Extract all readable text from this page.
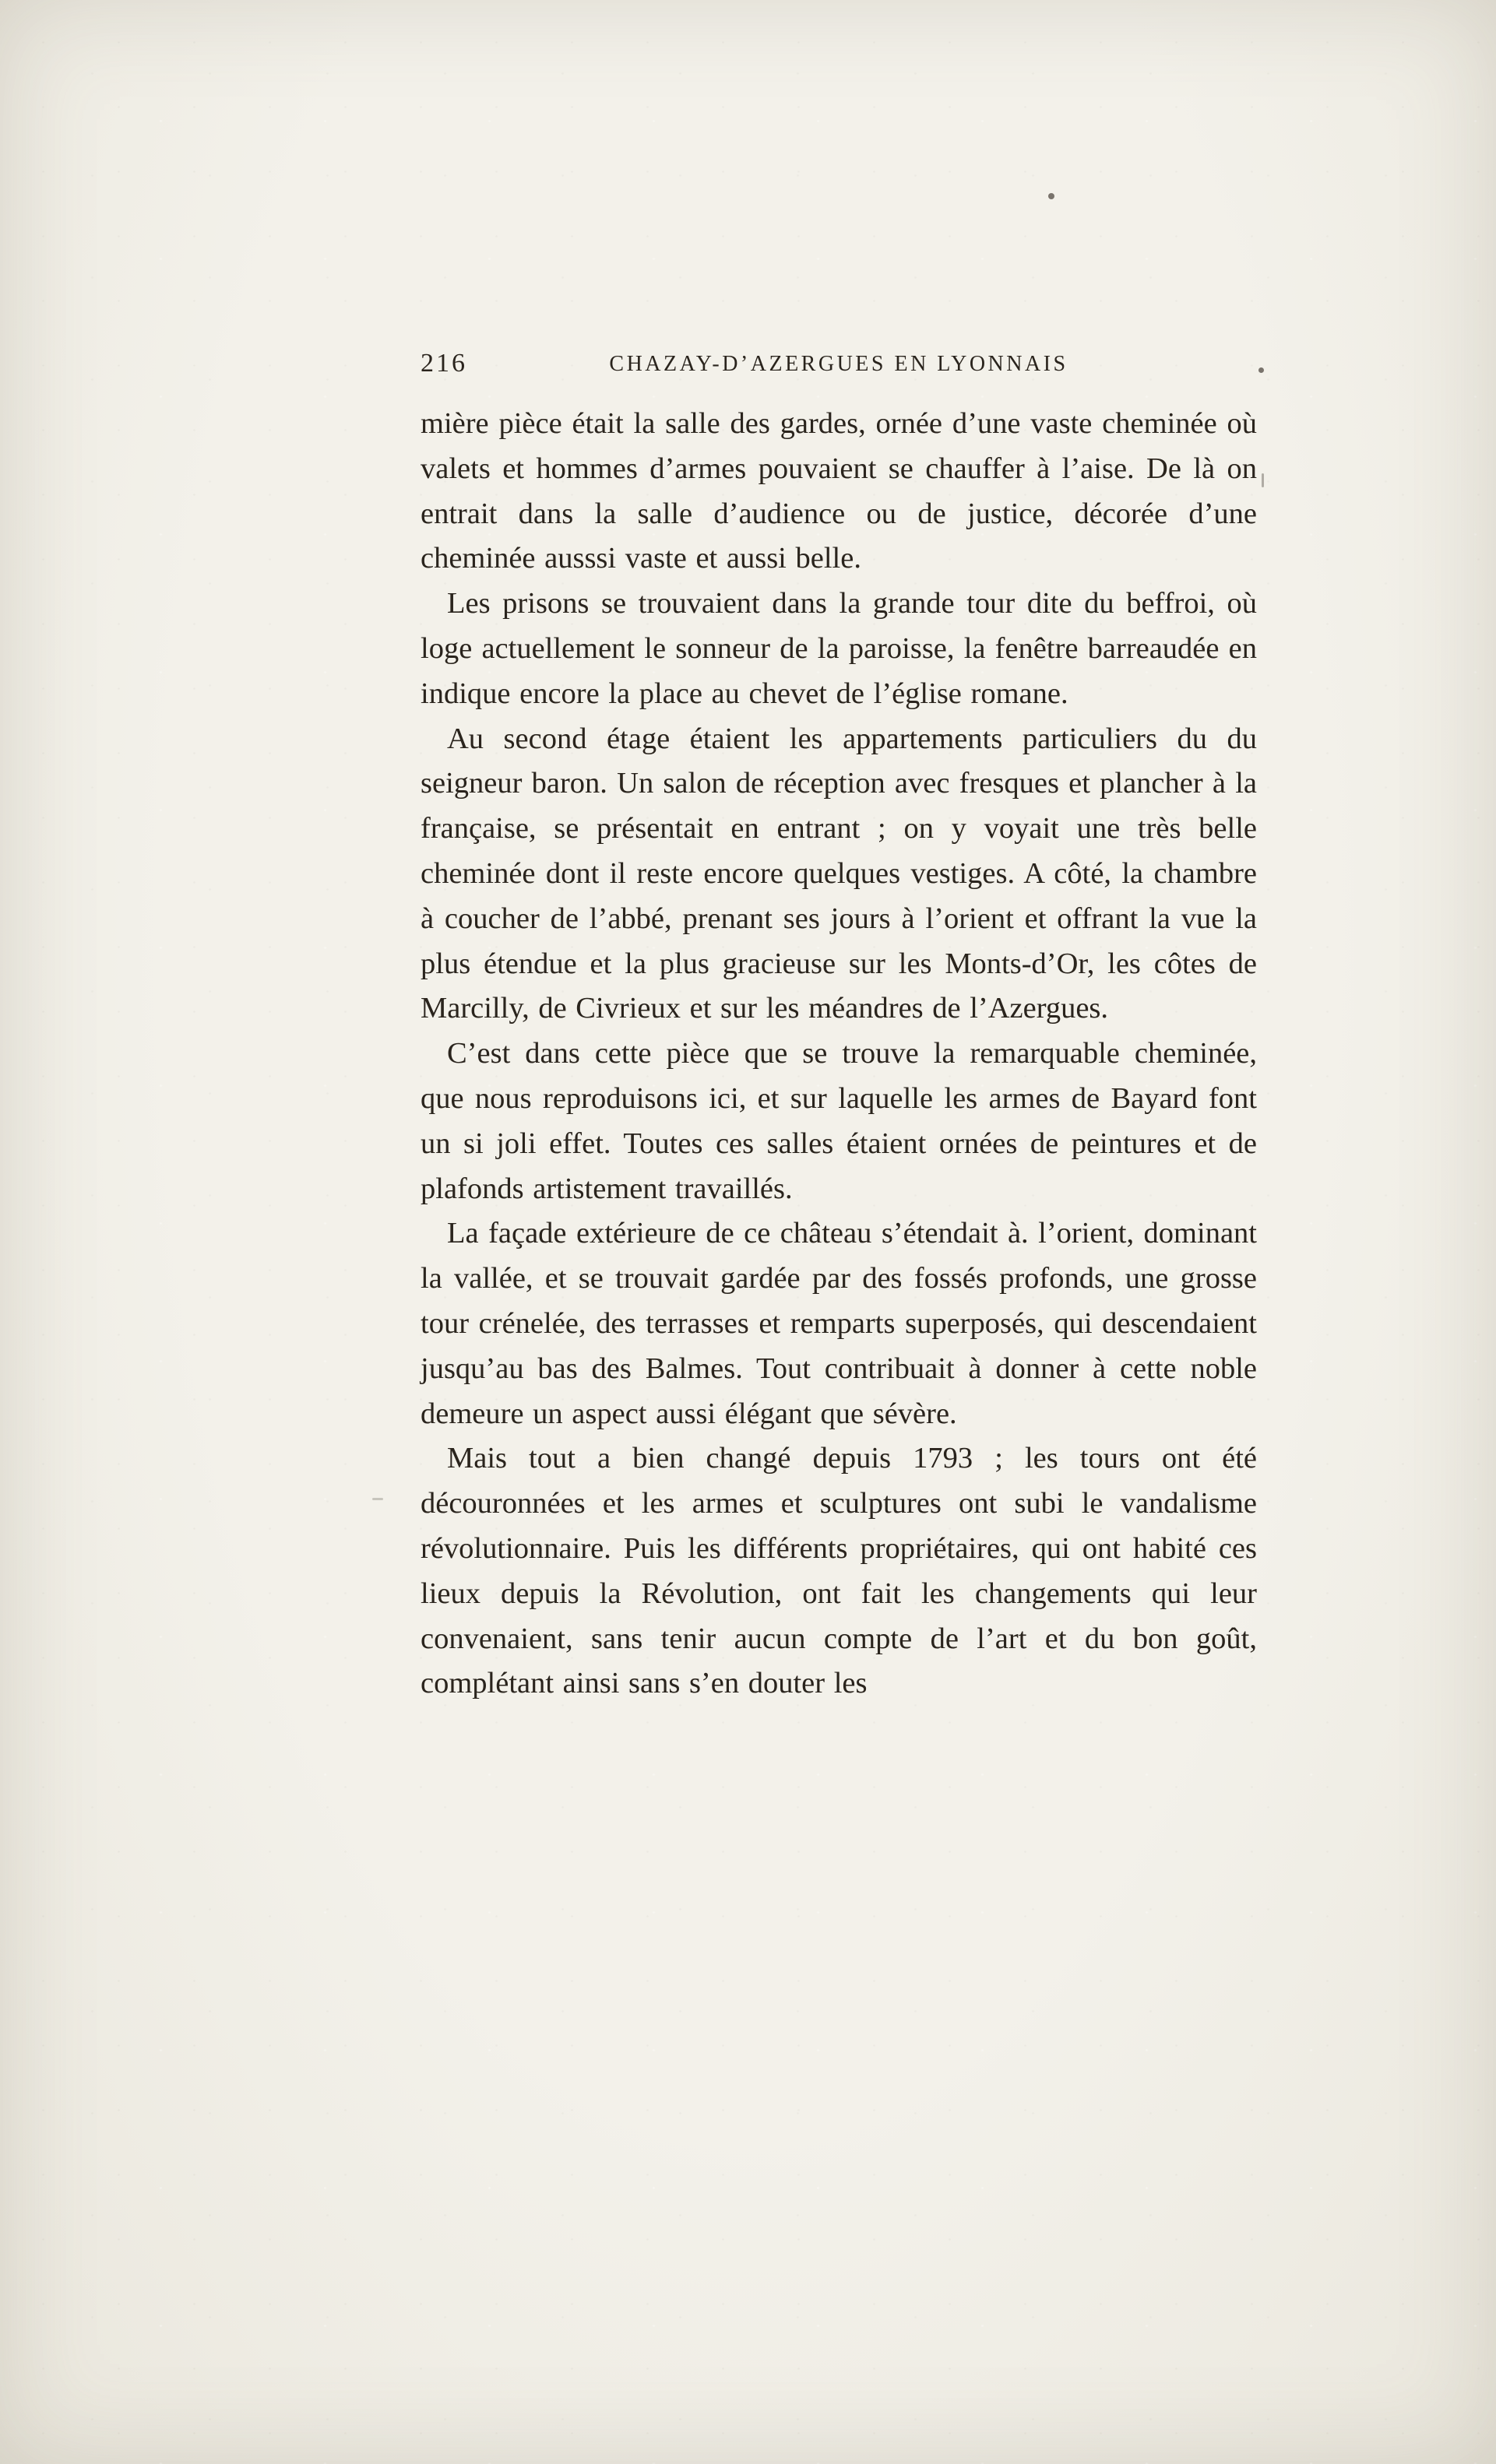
216	CHAZAY-D’AZERGUES EN LYONNAIS

mière pièce était la salle des gardes, ornée d’une vaste cheminée où valets et hommes d’armes pouvaient se chauffer à l’aise. De là on entrait dans la salle d’audience ou de justice, décorée d’une cheminée ausssi vaste et aussi belle.

Les prisons se trouvaient dans la grande tour dite du beffroi, où loge actuellement le sonneur de la paroisse, la fenêtre barreaudée en indique encore la place au chevet de l’église romane.

Au second étage étaient les appartements particuliers du du seigneur baron. Un salon de réception avec fresques et plancher à la française, se présentait en entrant ; on y voyait une très belle cheminée dont il reste encore quelques vestiges. A côté, la chambre à coucher de l’abbé, prenant ses jours à l’orient et offrant la vue la plus étendue et la plus gracieuse sur les Monts-d’Or, les côtes de Marcilly, de Civrieux et sur les méandres de l’Azergues.

C’est dans cette pièce que se trouve la remarquable cheminée, que nous reproduisons ici, et sur laquelle les armes de Bayard font un si joli effet. Toutes ces salles étaient ornées de peintures et de plafonds artistement travaillés.

La façade extérieure de ce château s’étendait à. l’orient, dominant la vallée, et se trouvait gardée par des fossés profonds, une grosse tour crénelée, des terrasses et remparts superposés, qui descendaient jusqu’au bas des Balmes. Tout contribuait à donner à cette noble demeure un aspect aussi élégant que sévère.

Mais tout a bien changé depuis 1793 ; les tours ont été découronnées et les armes et sculptures ont subi le vandalisme révolutionnaire. Puis les différents propriétaires, qui ont habité ces lieux depuis la Révolution, ont fait les changements qui leur convenaient, sans tenir aucun compte de l’art et du bon goût, complétant ainsi sans s’en douter les
